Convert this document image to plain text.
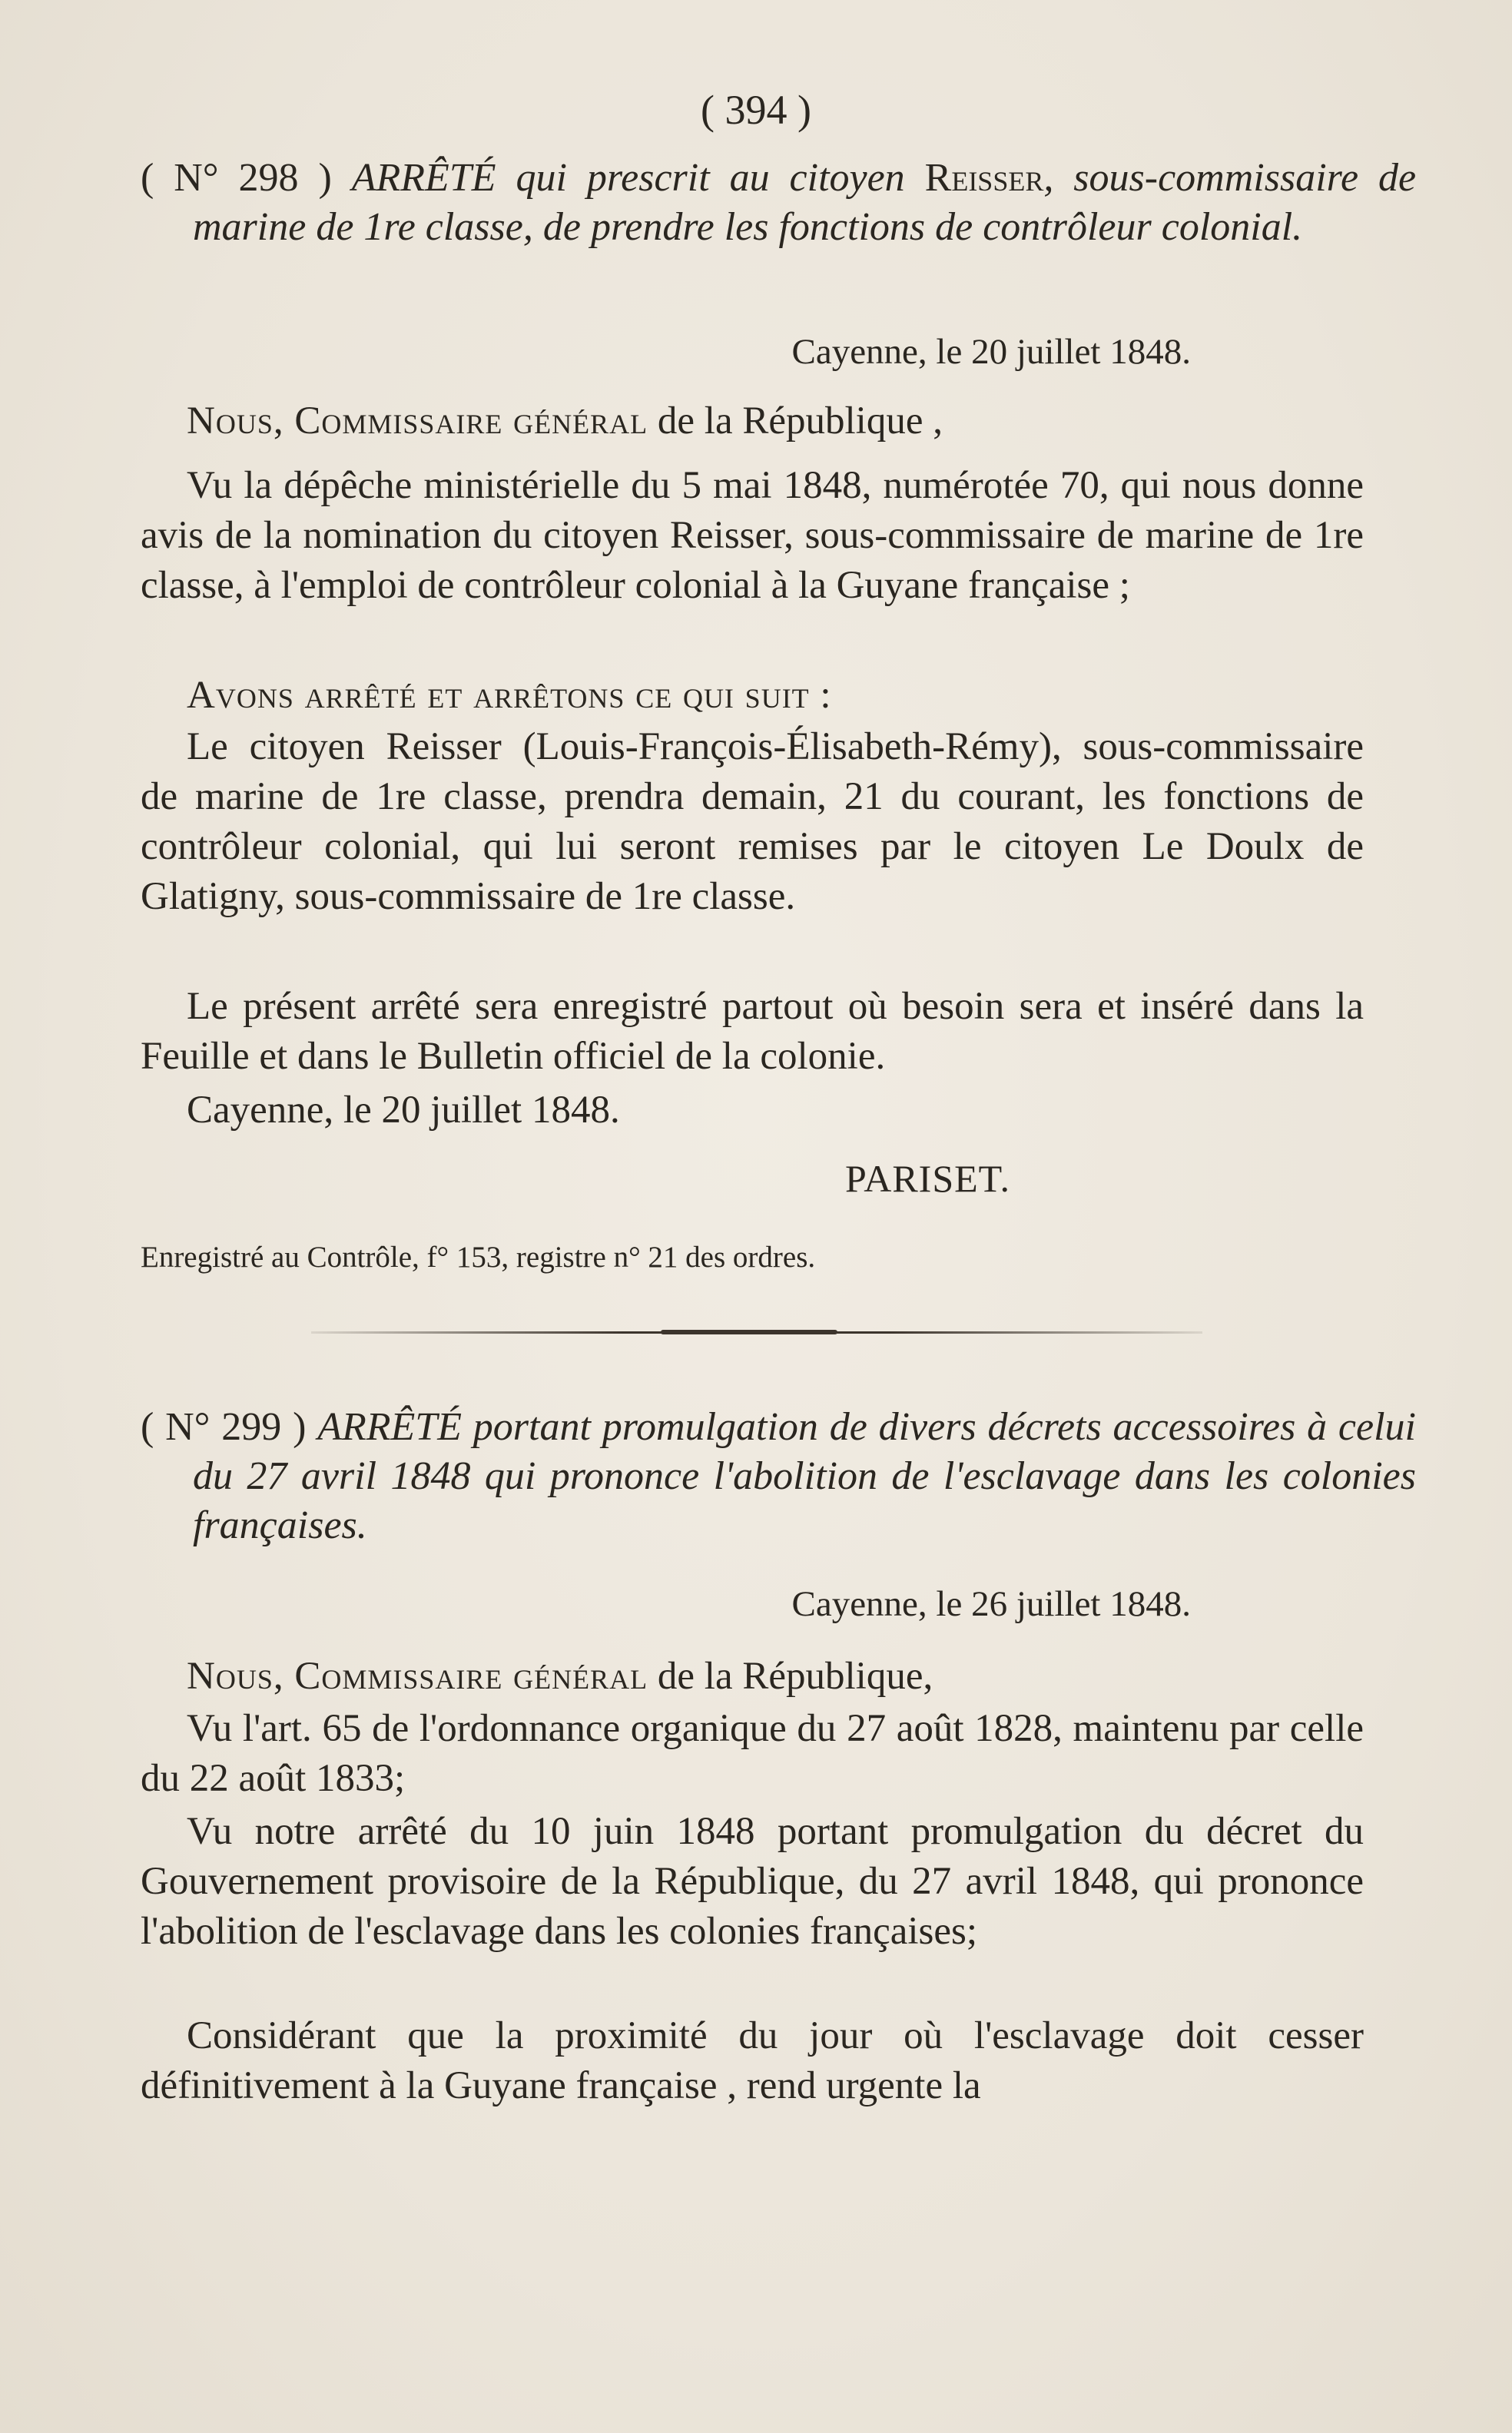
( 394 )
( N° 298 ) ARRÊTÉ qui prescrit au citoyen Reisser, sous-commissaire de marine de 1re classe, de prendre les fonctions de contrôleur colonial.
Cayenne, le 20 juillet 1848.
Nous, Commissaire général de la République ,
Vu la dépêche ministérielle du 5 mai 1848, numérotée 70, qui nous donne avis de la nomination du citoyen Reisser, sous-commissaire de marine de 1re classe, à l'emploi de contrôleur colonial à la Guyane française ;
Avons arrêté et arrêtons ce qui suit :
Le citoyen Reisser (Louis-François-Élisabeth-Rémy), sous-commissaire de marine de 1re classe, prendra demain, 21 du courant, les fonctions de contrôleur colonial, qui lui seront remises par le citoyen Le Doulx de Glatigny, sous-commissaire de 1re classe.
Le présent arrêté sera enregistré partout où besoin sera et inséré dans la Feuille et dans le Bulletin officiel de la colonie.
Cayenne, le 20 juillet 1848.
PARISET.
Enregistré au Contrôle, f° 153, registre n° 21 des ordres.
( N° 299 ) ARRÊTÉ portant promulgation de divers décrets accessoires à celui du 27 avril 1848 qui prononce l'abolition de l'esclavage dans les colonies françaises.
Cayenne, le 26 juillet 1848.
Nous, Commissaire général de la République,
Vu l'art. 65 de l'ordonnance organique du 27 août 1828, maintenu par celle du 22 août 1833;
Vu notre arrêté du 10 juin 1848 portant promulgation du décret du Gouvernement provisoire de la République, du 27 avril 1848, qui prononce l'abolition de l'esclavage dans les colonies françaises;
Considérant que la proximité du jour où l'esclavage doit cesser définitivement à la Guyane française , rend urgente la
